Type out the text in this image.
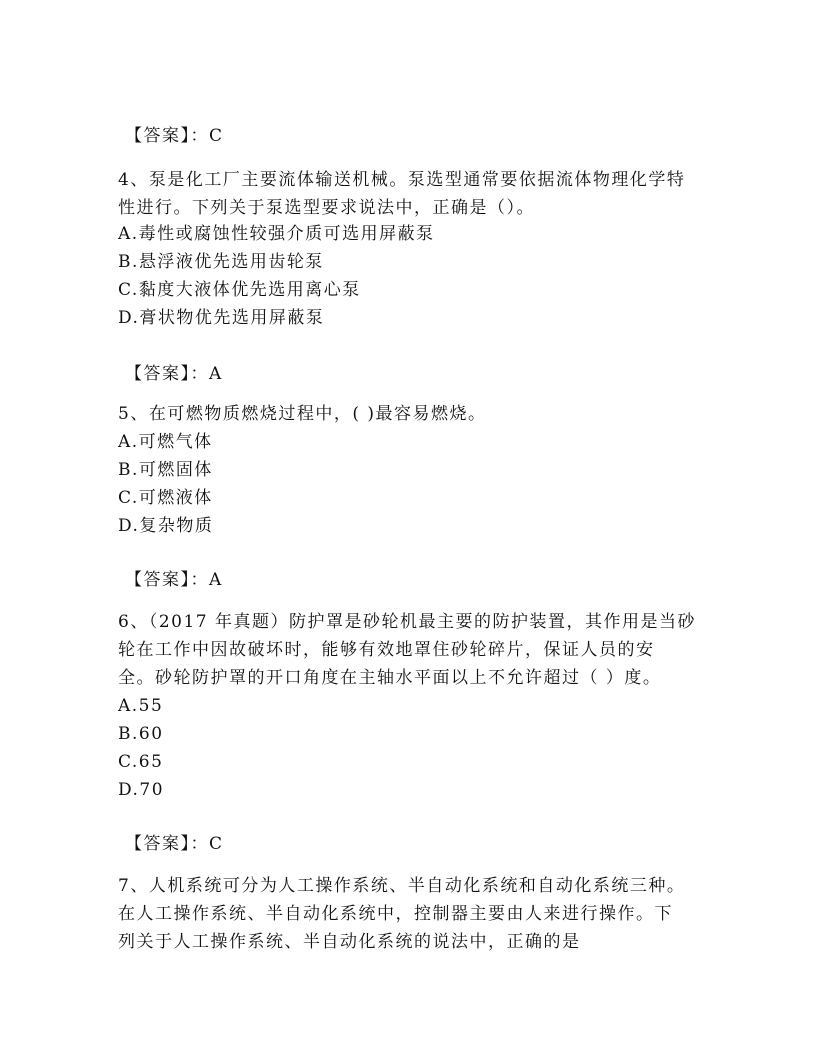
【答案】：C
4、泵是化工厂主要流体输送机械。泵选型通常要依据流体物理化学特
性进行。下列关于泵选型要求说法中，正确是（）。
A.毒性或腐蚀性较强介质可选用屏蔽泵
B.悬浮液优先选用齿轮泵
C.黏度大液体优先选用离心泵
D.膏状物优先选用屏蔽泵
【答案】：A
5、在可燃物质燃烧过程中，( )最容易燃烧。
A.可燃气体
B.可燃固体
C.可燃液体
D.复杂物质
【答案】：A
6、（2017 年真题）防护罩是砂轮机最主要的防护装置，其作用是当砂
轮在工作中因故破坏时，能够有效地罩住砂轮碎片，保证人员的安
全。砂轮防护罩的开口角度在主轴水平面以上不允许超过（ ）度。
A.55
B.60
C.65
D.70
【答案】：C
7、人机系统可分为人工操作系统、半自动化系统和自动化系统三种。
在人工操作系统、半自动化系统中，控制器主要由人来进行操作。下
列关于人工操作系统、半自动化系统的说法中，正确的是
